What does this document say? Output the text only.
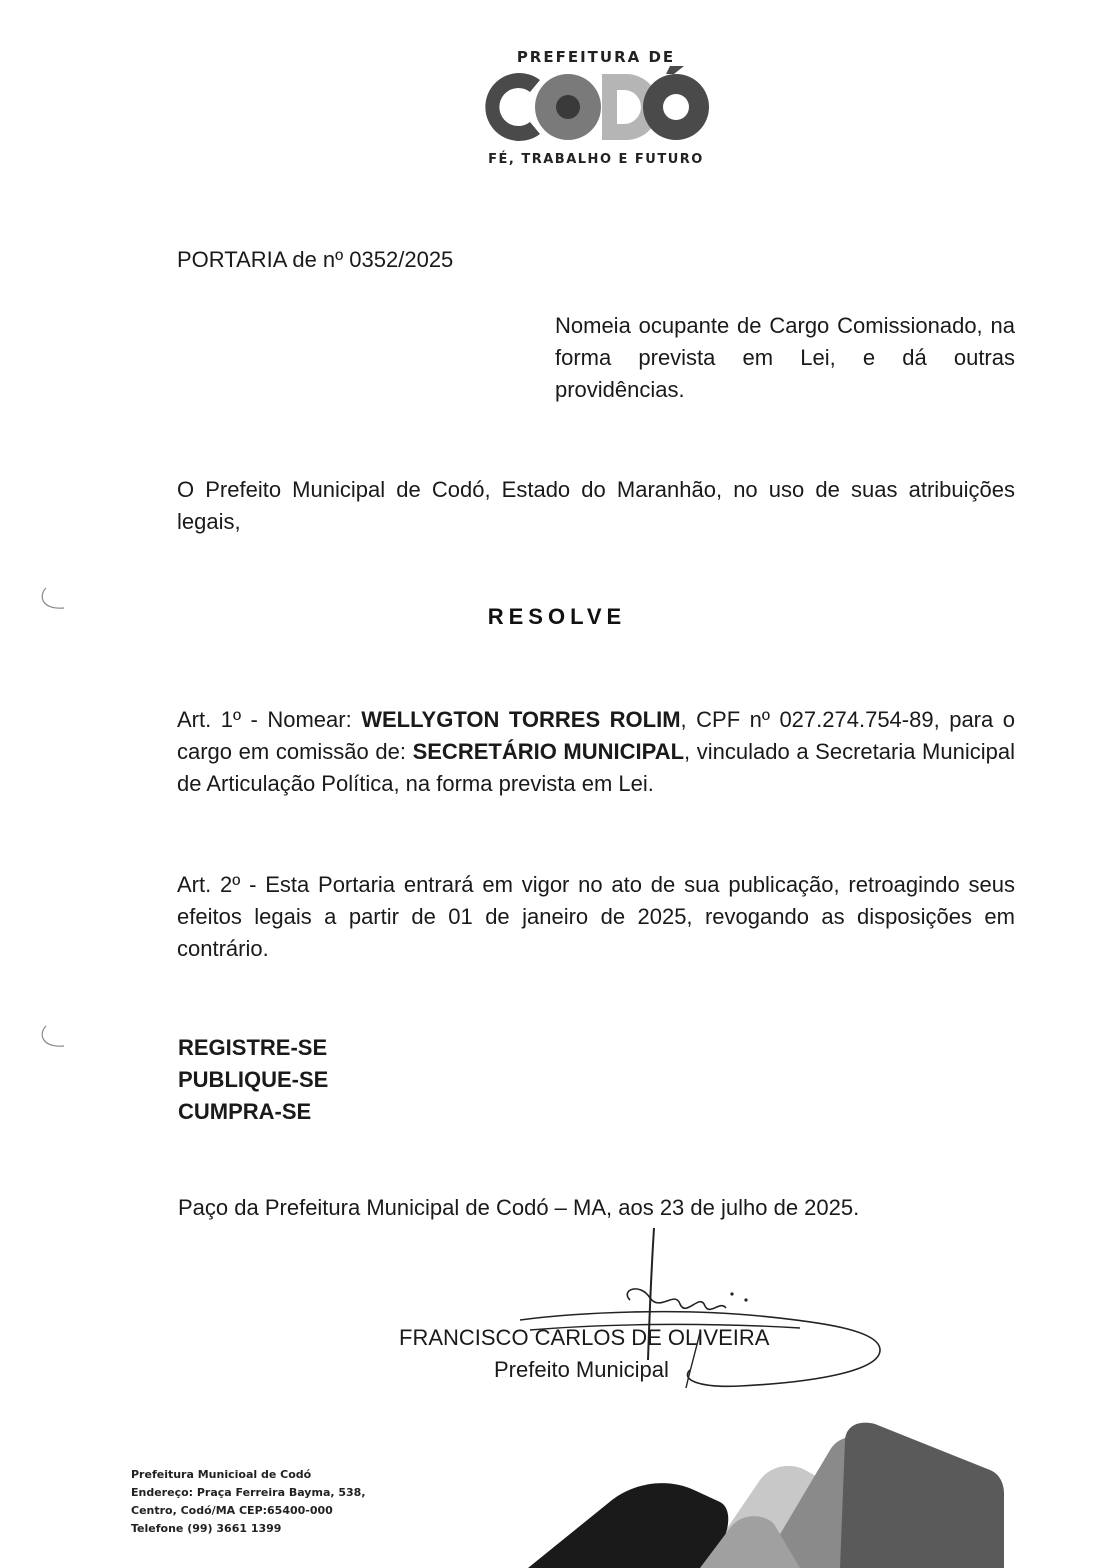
PREFEITURA DE
FÉ, TRABALHO E FUTURO
PORTARIA de nº 0352/2025
Nomeia ocupante de Cargo Comissionado, na forma prevista em Lei, e dá outras providências.
O Prefeito Municipal de Codó, Estado do Maranhão, no uso de suas atribuições legais,
RESOLVE
Art. 1º - Nomear: WELLYGTON TORRES ROLIM, CPF nº 027.274.754-89, para o cargo em comissão de: SECRETÁRIO MUNICIPAL, vinculado a Secretaria Municipal de Articulação Política, na forma prevista em Lei.
Art. 2º - Esta Portaria entrará em vigor no ato de sua publicação, retroagindo seus efeitos legais a partir de 01 de janeiro de 2025, revogando as disposições em contrário.
REGISTRE-SE
PUBLIQUE-SE
CUMPRA-SE
Paço da Prefeitura Municipal de Codó – MA, aos 23 de julho de 2025.
FRANCISCO CARLOS DE OLIVEIRA
Prefeito Municipal
Prefeitura Municioal de Codó
Endereço: Praça Ferreira Bayma, 538,
Centro, Codó/MA CEP:65400-000
Telefone (99) 3661 1399
